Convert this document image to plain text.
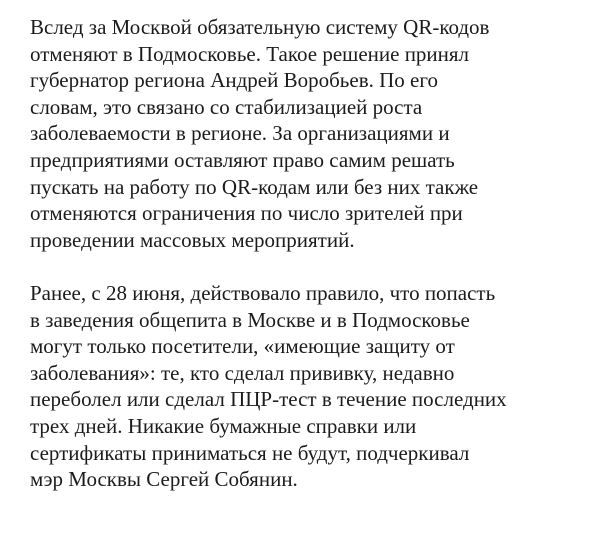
Вслед за Москвой обязательную систему QR-кодов
отменяют в Подмосковье. Такое решение принял
губернатор региона Андрей Воробьев. По его
словам, это связано со стабилизацией роста
заболеваемости в регионе. За организациями и
предприятиями оставляют право самим решать
пускать на работу по QR-кодам или без них также
отменяются ограничения по число зрителей при
проведении массовых мероприятий.

Ранее, с 28 июня, действовало правило, что попасть
в заведения общепита в Москве и в Подмосковье
могут только посетители, «имеющие защиту от
заболевания»: те, кто сделал прививку, недавно
переболел или сделал ПЦР-тест в течение последних
трех дней. Никакие бумажные справки или
сертификаты приниматься не будут, подчеркивал
мэр Москвы Сергей Собянин.
